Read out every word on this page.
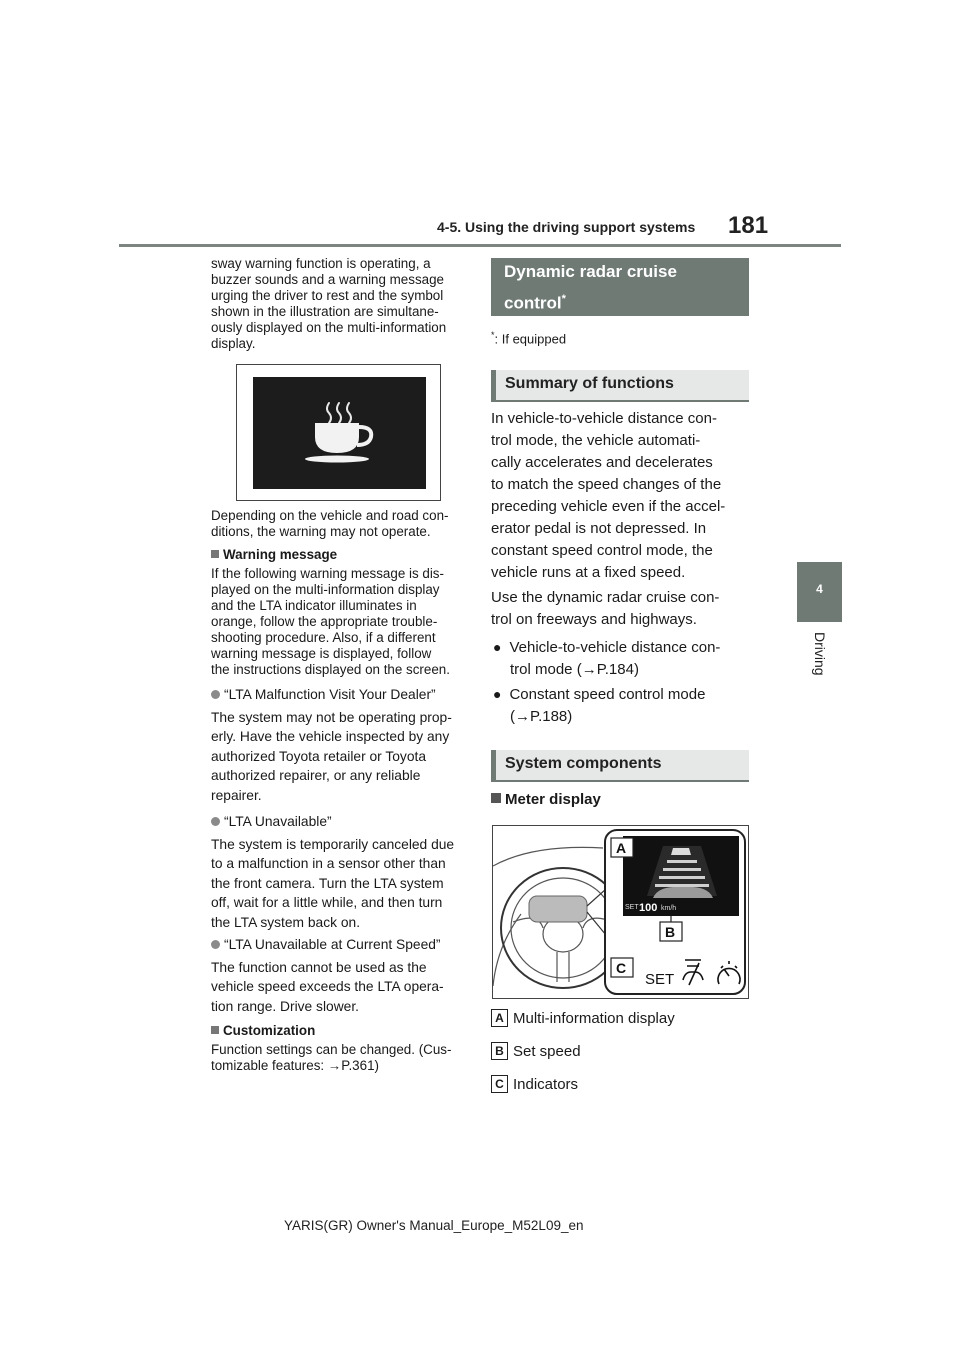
4-5. Using the driving support systems 181
4
Driving
sway warning function is operating, a
buzzer sounds and a warning message
urging the driver to rest and the symbol
shown in the illustration are simultane-
ously displayed on the multi-information
display.
Depending on the vehicle and road con-
ditions, the warning may not operate.
Warning message
If the following warning message is dis-
played on the multi-information display
and the LTA indicator illuminates in
orange, follow the appropriate trouble-
shooting procedure. Also, if a different
warning message is displayed, follow
the instructions displayed on the screen.
“LTA Malfunction Visit Your Dealer”
The system may not be operating prop-
erly. Have the vehicle inspected by any
authorized Toyota retailer or Toyota
authorized repairer, or any reliable
repairer.
“LTA Unavailable”
The system is temporarily canceled due
to a malfunction in a sensor other than
the front camera. Turn the LTA system
off, wait for a little while, and then turn
the LTA system back on.
“LTA Unavailable at Current Speed”
The function cannot be used as the
vehicle speed exceeds the LTA opera-
tion range. Drive slower.
Customization
Function settings can be changed. (Cus-
tomizable features: →P.361)
Dynamic radar cruise
control*
*: If equipped
Summary of functions
In vehicle-to-vehicle distance con-
trol mode, the vehicle automati-
cally accelerates and decelerates
to match the speed changes of the
preceding vehicle even if the accel-
erator pedal is not depressed. In
constant speed control mode, the
vehicle runs at a fixed speed.
Use the dynamic radar cruise con-
trol on freeways and highways.
● Vehicle-to-vehicle distance con-
trol mode (→P.184)
● Constant speed control mode
(→P.188)
System components
Meter display
SET 100 km/h
SET
A
B
C
A Multi-information display
B Set speed
C Indicators
YARIS(GR) Owner's Manual_Europe_M52L09_en
